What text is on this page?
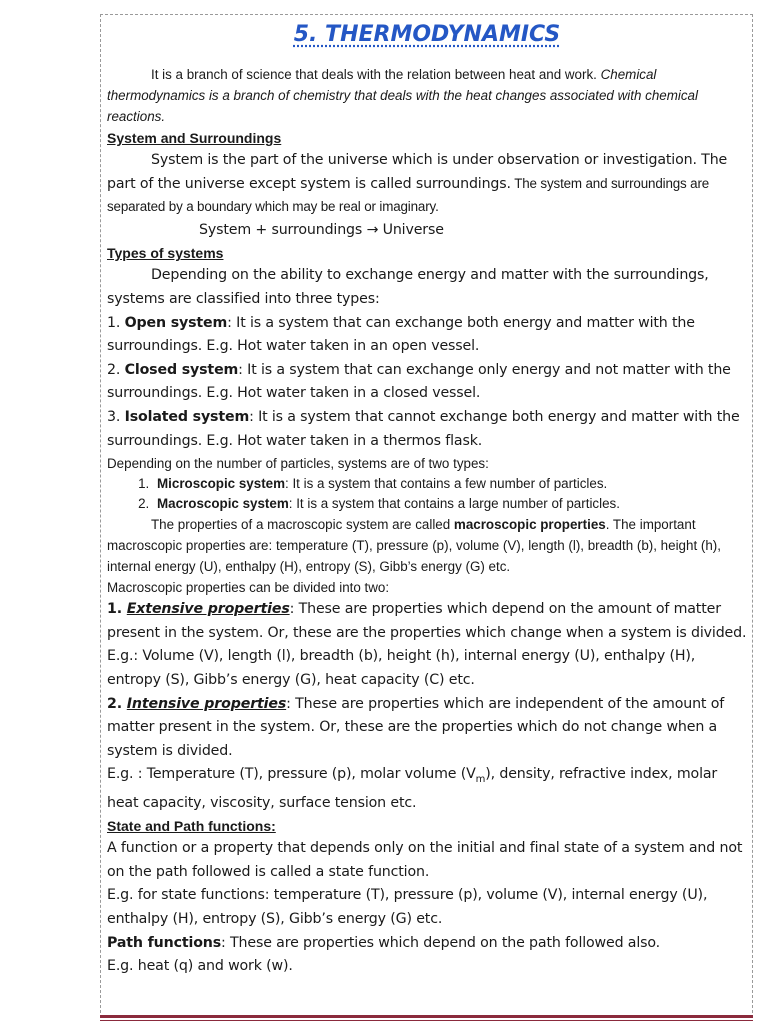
5. THERMODYNAMICS

It is a branch of science that deals with the relation between heat and work. Chemical thermodynamics is a branch of chemistry that deals with the heat changes associated with chemical reactions.

System and Surroundings

System is the part of the universe which is under observation or investigation. The part of the universe except system is called surroundings. The system and surroundings are separated by a boundary which may be real or imaginary.

System + surroundings → Universe

Types of systems

Depending on the ability to exchange energy and matter with the surroundings, systems are classified into three types:

1. Open system: It is a system that can exchange both energy and matter with the surroundings. E.g. Hot water taken in an open vessel.

2. Closed system: It is a system that can exchange only energy and not matter with the surroundings. E.g. Hot water taken in a closed vessel.

3. Isolated system: It is a system that cannot exchange both energy and matter with the surroundings. E.g. Hot water taken in a thermos flask.

Depending on the number of particles, systems are of two types:

1. Microscopic system: It is a system that contains a few number of particles.
2. Macroscopic system: It is a system that contains a large number of particles.

The properties of a macroscopic system are called macroscopic properties. The important macroscopic properties are: temperature (T), pressure (p), volume (V), length (l), breadth (b), height (h), internal energy (U), enthalpy (H), entropy (S), Gibb’s energy (G) etc.

Macroscopic properties can be divided into two:

1. Extensive properties: These are properties which depend on the amount of matter present in the system. Or, these are the properties which change when a system is divided.

E.g.: Volume (V), length (l), breadth (b), height (h), internal energy (U), enthalpy (H), entropy (S), Gibb’s energy (G), heat capacity (C) etc.

2. Intensive properties: These are properties which are independent of the amount of matter present in the system. Or, these are the properties which do not change when a system is divided.

E.g. : Temperature (T), pressure (p), molar volume $(V_m)$, density, refractive index, molar heat capacity, viscosity, surface tension etc.

State and Path functions:

A function or a property that depends only on the initial and final state of a system and not on the path followed is called a state function.

E.g. for state functions: temperature (T), pressure (p), volume (V), internal energy (U), enthalpy (H), entropy (S), Gibb’s energy (G) etc.

Path functions: These are properties which depend on the path followed also.

E.g. heat (q) and work (w).
